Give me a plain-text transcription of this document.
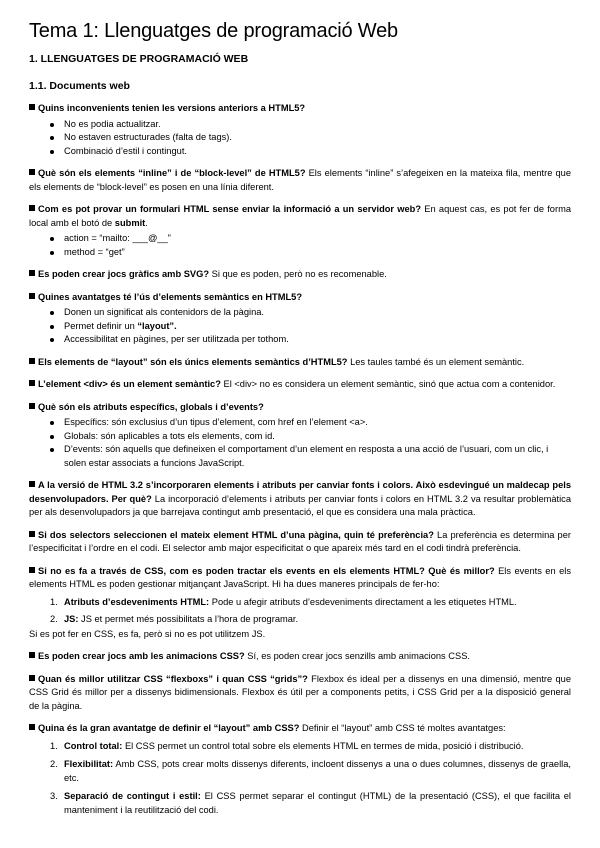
Tema 1: Llenguatges de programació Web
1. LLENGUATGES DE PROGRAMACIÓ WEB
1.1. Documents web

Quins inconvenients tenien les versions anteriors a HTML5?

No es podia actualitzar.
No estaven estructurades (falta de tags).
Combinació d’estil i contingut.

Què són els elements “inline” i de “block-level” de HTML5? Els elements “inline” s’afegeixen en la mateixa fila, mentre que els elements de “block-level” es posen en una línia diferent.

Com es pot provar un formulari HTML sense enviar la informació a un servidor web? En aquest cas, es pot fer de forma local amb el botó de submit.

action = “mailto: ___@__”
method = “get”

Es poden crear jocs gràfics amb SVG? Si que es poden, però no es recomenable.

Quines avantatges té l’ús d’elements semàntics en HTML5?

Donen un significat als contenidors de la pàgina.
Permet definir un “layout”.
Accessibilitat en pàgines, per ser utilitzada per tothom.

Els elements de “layout” són els únics elements semàntics d’HTML5? Les taules també és un element semàntic.

L’element <div> és un element semàntic? El <div> no es considera un element semàntic, sinó que actua com a contenidor.

Què són els atributs específics, globals i d’events?

Específics: són exclusius d’un tipus d’element, com href en l’element <a>.
Globals: són aplicables a tots els elements, com id.
D’events: són aquells que defineixen el comportament d’un element en resposta a una acció de l’usuari, com un clic, i solen estar associats a funcions JavaScript.

A la versió de HTML 3.2 s’incorporaren elements i atributs per canviar fonts i colors. Això esdevingué un maldecap pels desenvolupadors. Per què? La incorporació d’elements i atributs per canviar fonts i colors en HTML 3.2 va resultar problemàtica per als desenvolupadors ja que barrejava contingut amb presentació, el que es considera una mala pràctica.

Si dos selectors seleccionen el mateix element HTML d’una pàgina, quin té preferència? La preferència es determina per l’especificitat i l’ordre en el codi. El selector amb major especificitat o que apareix més tard en el codi tindrà preferència.

Si no es fa a través de CSS, com es poden tractar els events en els elements HTML? Què és millor? Els events en els elements HTML es poden gestionar mitjançant JavaScript. Hi ha dues maneres principals de fer-ho:

1. Atributs d’esdeveniments HTML: Pode u afegir atributs d’esdeveniments directament a les etiquetes HTML.
2. JS: JS et permet més possibilitats a l’hora de programar.

Si es pot fer en CSS, es fa, però si no es pot utilitzem JS.

Es poden crear jocs amb les animacions CSS? Sí, es poden crear jocs senzills amb animacions CSS.

Quan és millor utilitzar CSS “flexboxs” i quan CSS “grids”? Flexbox és ideal per a dissenys en una dimensió, mentre que CSS Grid és millor per a dissenys bidimensionals. Flexbox és útil per a components petits, i CSS Grid per a la disposició general de la pàgina.

Quina és la gran avantatge de definir el “layout” amb CSS? Definir el “layout” amb CSS té moltes avantatges:

1. Control total: El CSS permet un control total sobre els elements HTML en termes de mida, posició i distribució.
2. Flexibilitat: Amb CSS, pots crear molts dissenys diferents, incloent dissenys a una o dues columnes, dissenys de graella, etc.
3. Separació de contingut i estil: El CSS permet separar el contingut (HTML) de la presentació (CSS), el que facilita el manteniment i la reutilització del codi.
